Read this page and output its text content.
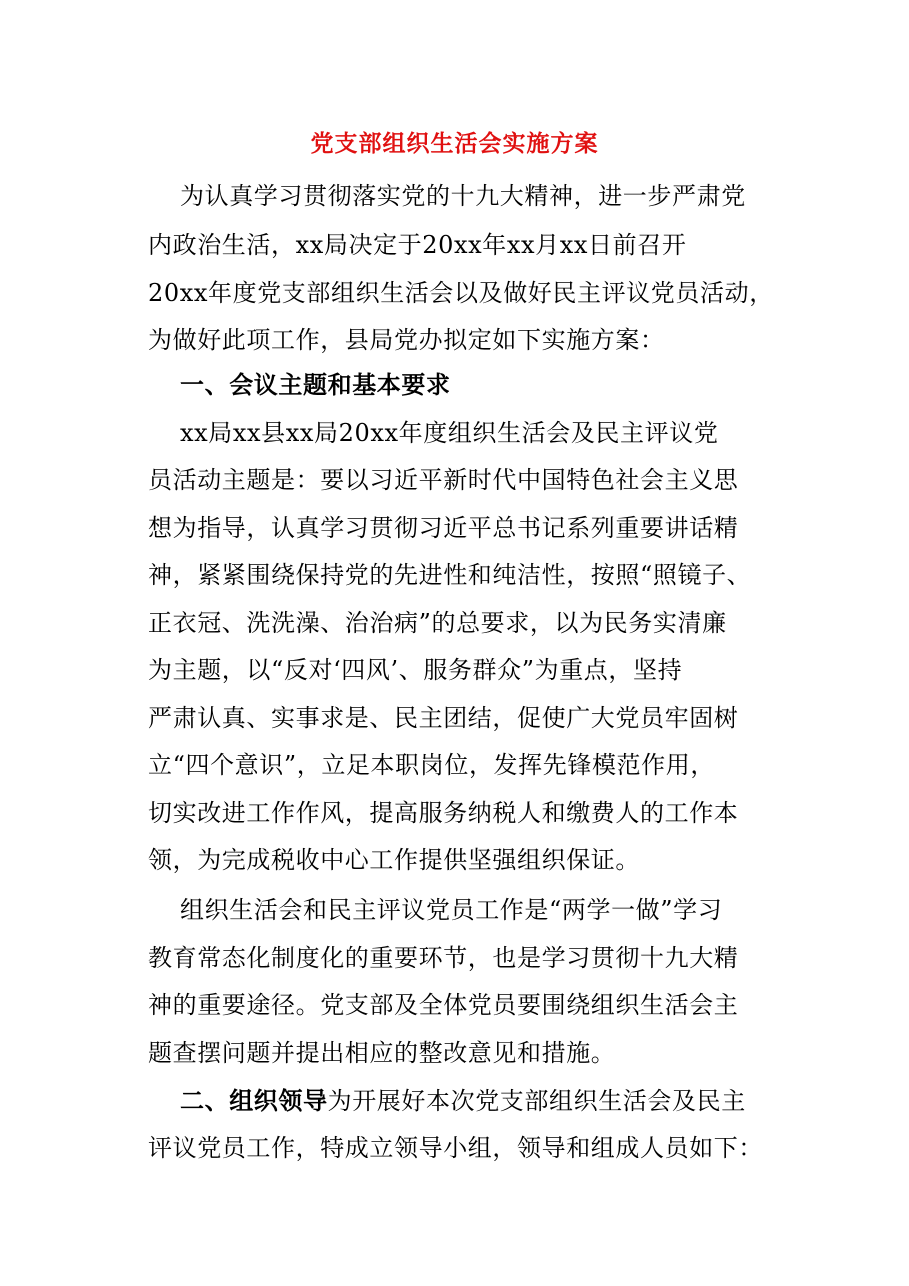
党支部组织生活会实施方案
为认真学习贯彻落实党的十九大精神，进一步严肃党
内政治生活，xx局决定于20xx年xx月xx日前召开
20xx年度党支部组织生活会以及做好民主评议党员活动，
为做好此项工作，县局党办拟定如下实施方案：
一、会议主题和基本要求
xx局xx县xx局20xx年度组织生活会及民主评议党
员活动主题是：要以习近平新时代中国特色社会主义思
想为指导，认真学习贯彻习近平总书记系列重要讲话精
神，紧紧围绕保持党的先进性和纯洁性，按照“照镜子、
正衣冠、洗洗澡、治治病”的总要求，以为民务实清廉
为主题，以“反对‘四风’、服务群众”为重点，坚持
严肃认真、实事求是、民主团结，促使广大党员牢固树
立“四个意识”，立足本职岗位，发挥先锋模范作用，
切实改进工作作风，提高服务纳税人和缴费人的工作本
领，为完成税收中心工作提供坚强组织保证。
组织生活会和民主评议党员工作是“两学一做”学习
教育常态化制度化的重要环节，也是学习贯彻十九大精
神的重要途径。党支部及全体党员要围绕组织生活会主
题查摆问题并提出相应的整改意见和措施。
二、组织领导为开展好本次党支部组织生活会及民主
评议党员工作，特成立领导小组，领导和组成人员如下：
